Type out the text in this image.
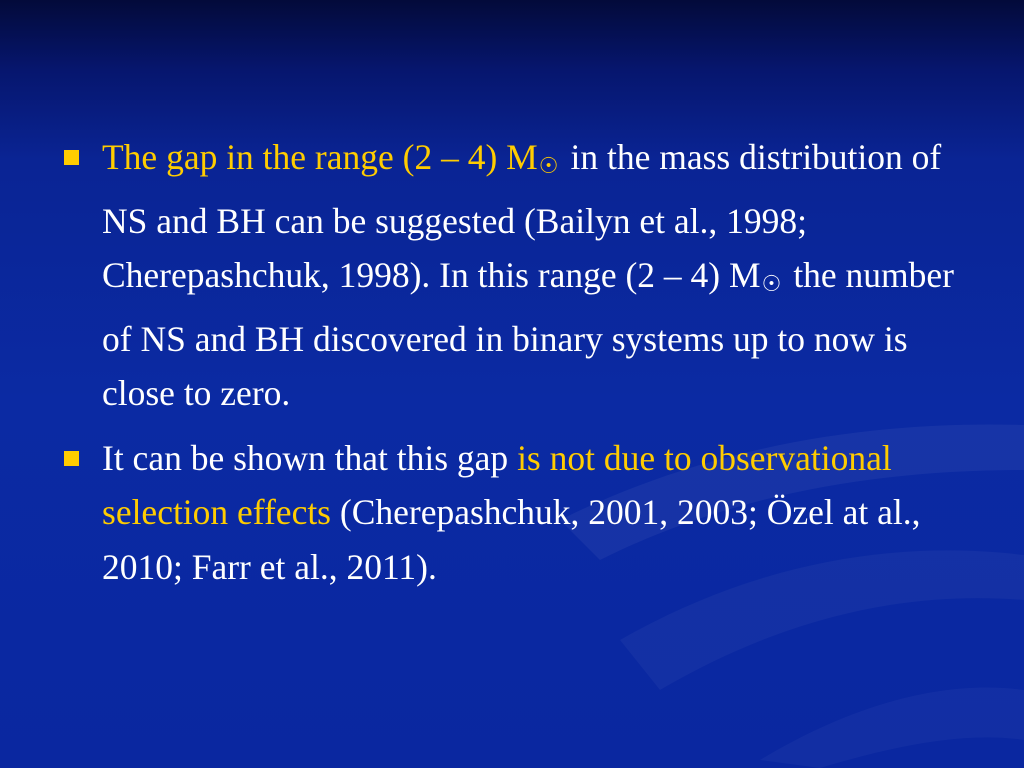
The gap in the range (2 – 4) M☉ in the mass distribution of NS and BH can be suggested (Bailyn et al., 1998; Cherepashchuk, 1998). In this range (2 – 4) M☉ the number of NS and BH discovered in binary systems up to now is close to zero.
It can be shown that this gap is not due to observational selection effects (Cherepashchuk, 2001, 2003; Özel at al., 2010; Farr et al., 2011).
